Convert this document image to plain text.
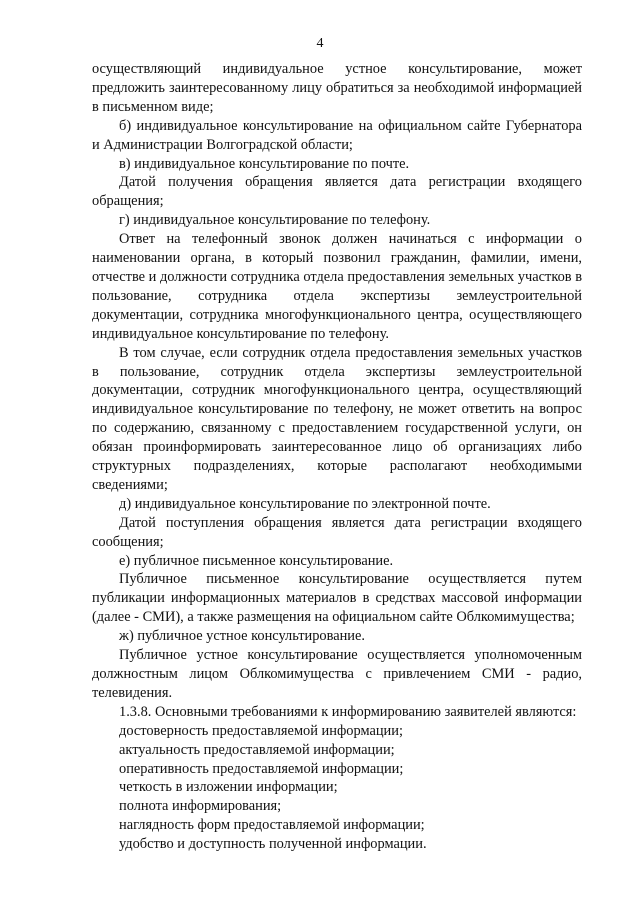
4

осуществляющий индивидуальное устное консультирование, может предложить заинтересованному лицу обратиться за необходимой информацией в письменном виде;

б) индивидуальное консультирование на официальном сайте Губернатора и Администрации Волгоградской области;

в) индивидуальное консультирование по почте.

Датой получения обращения является дата регистрации входящего обращения;

г) индивидуальное консультирование по телефону.

Ответ на телефонный звонок должен начинаться с информации о наименовании органа, в который позвонил гражданин, фамилии, имени, отчестве и должности сотрудника отдела предоставления земельных участков в пользование, сотрудника отдела экспертизы землеустроительной документации, сотрудника многофункционального центра, осуществляющего индивидуальное консультирование по телефону.

В том случае, если сотрудник отдела предоставления земельных участков в пользование, сотрудник отдела экспертизы землеустроительной документации, сотрудник многофункционального центра, осуществляющий индивидуальное консультирование по телефону, не может ответить на вопрос по содержанию, связанному с предоставлением государственной услуги, он обязан проинформировать заинтересованное лицо об организациях либо структурных подразделениях, которые располагают необходимыми сведениями;

д) индивидуальное консультирование по электронной почте.

Датой поступления обращения является дата регистрации входящего сообщения;

е) публичное письменное консультирование.

Публичное письменное консультирование осуществляется путем публикации информационных материалов в средствах массовой информации (далее - СМИ), а также размещения на официальном сайте Облкомимущества;

ж) публичное устное консультирование.

Публичное устное консультирование осуществляется уполномоченным должностным лицом Облкомимущества с привлечением СМИ - радио, телевидения.

1.3.8. Основными требованиями к информированию заявителей являются:

достоверность предоставляемой информации;

актуальность предоставляемой информации;

оперативность предоставляемой информации;

четкость в изложении информации;

полнота информирования;

наглядность форм предоставляемой информации;

удобство и доступность полученной информации.
